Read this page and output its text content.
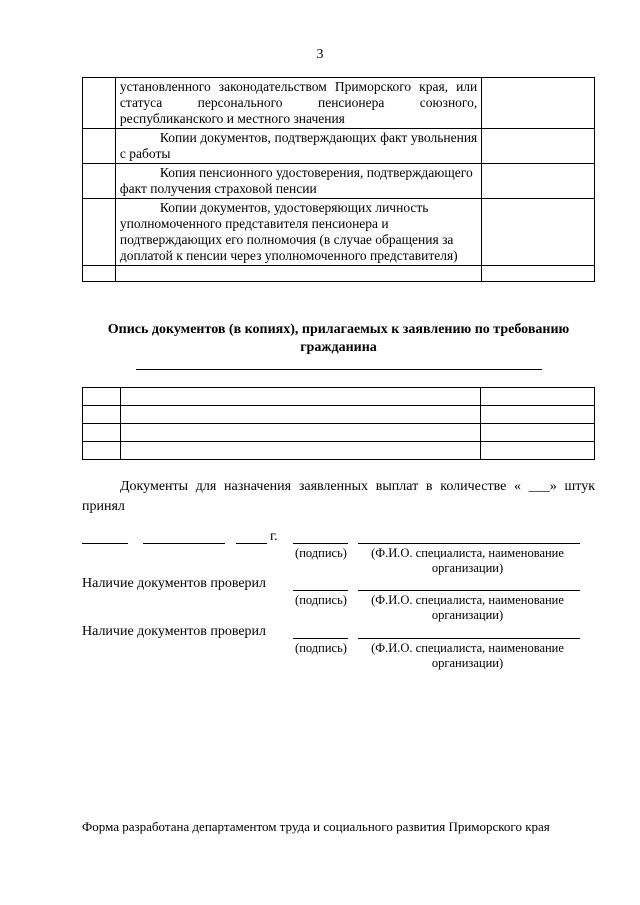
3
	установленного законодательством Приморского края, или статуса персонального пенсионера союзного, республиканского и местного значения	
	Копии документов, подтверждающих факт увольнения с работы	
	Копия пенсионного удостоверения, подтверждающего факт получения страховой пенсии	
	Копии документов, удостоверяющих личность уполномоченного представителя пенсионера и подтверждающих его полномочия (в случае обращения за доплатой к пенсии через уполномоченного представителя)	

Опись документов (в копиях), прилагаемых к заявлению по требованию гражданина

Документы для назначения заявленных выплат в количестве « ___» штук
принял
г.
(подпись)	(Ф.И.О. специалиста, наименование организации)
Наличие документов проверил
(подпись)	(Ф.И.О. специалиста, наименование организации)
Наличие документов проверил
(подпись)	(Ф.И.О. специалиста, наименование организации)
Форма разработана департаментом труда и социального развития Приморского края
